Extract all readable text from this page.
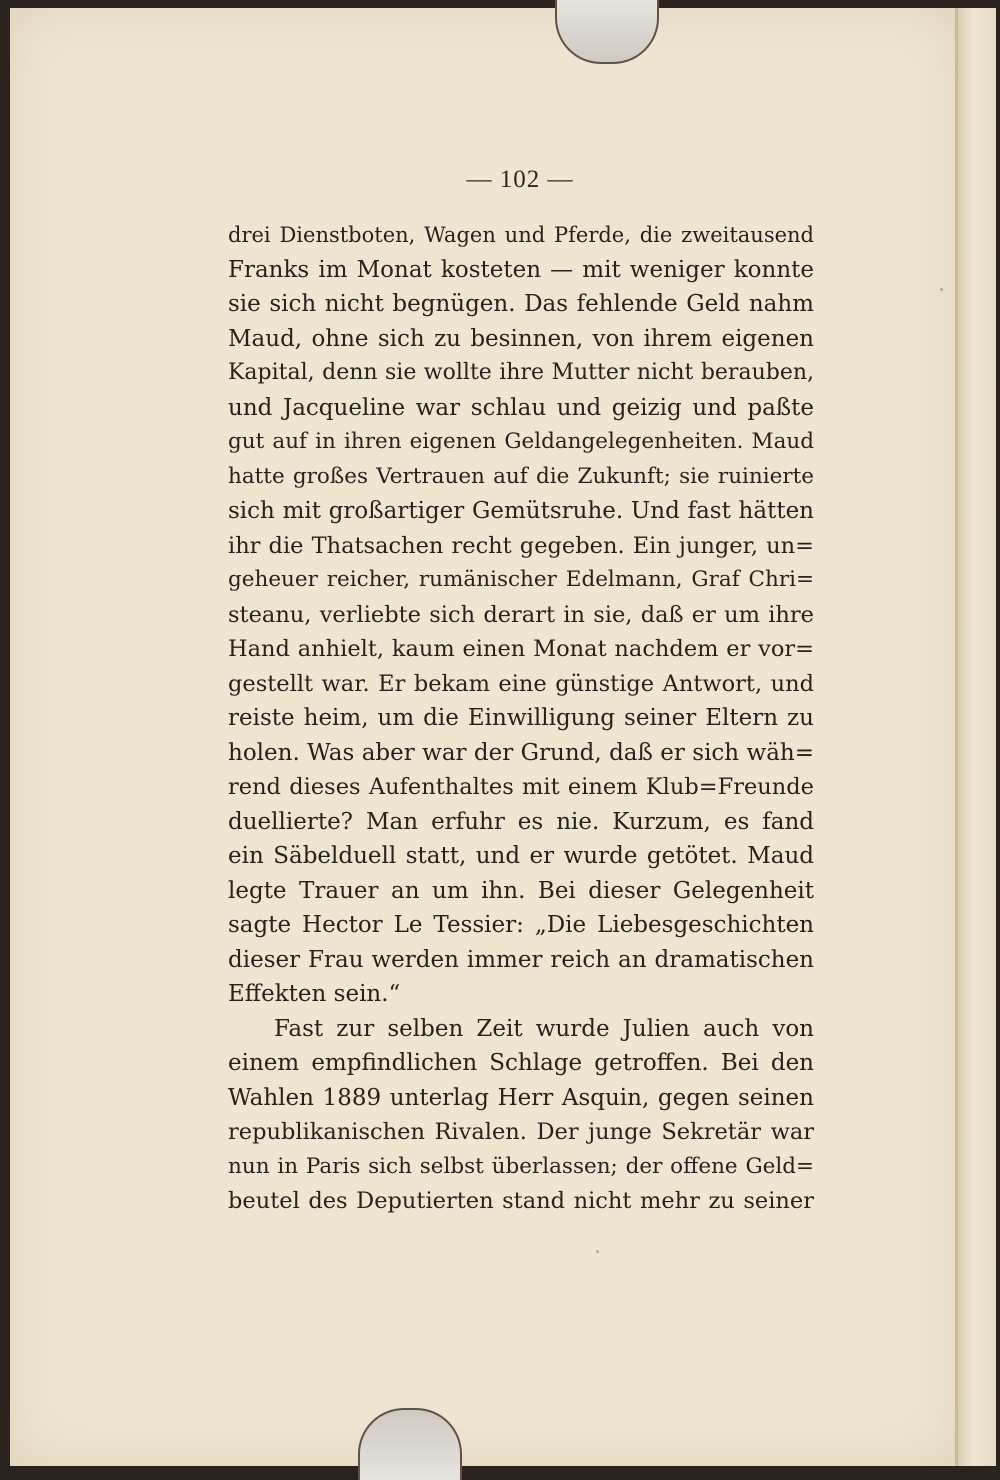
— 102 —
drei Dienstboten, Wagen und Pferde, die zweitausend
Franks im Monat kosteten — mit weniger konnte
sie sich nicht begnügen. Das fehlende Geld nahm
Maud, ohne sich zu besinnen, von ihrem eigenen
Kapital, denn sie wollte ihre Mutter nicht berauben,
und Jacqueline war schlau und geizig und paßte
gut auf in ihren eigenen Geldangelegenheiten. Maud
hatte großes Vertrauen auf die Zukunft; sie ruinierte
sich mit großartiger Gemütsruhe. Und fast hätten
ihr die Thatsachen recht gegeben. Ein junger, un=
geheuer reicher, rumänischer Edelmann, Graf Chri=
steanu, verliebte sich derart in sie, daß er um ihre
Hand anhielt, kaum einen Monat nachdem er vor=
gestellt war. Er bekam eine günstige Antwort, und
reiste heim, um die Einwilligung seiner Eltern zu
holen. Was aber war der Grund, daß er sich wäh=
rend dieses Aufenthaltes mit einem Klub=Freunde
duellierte? Man erfuhr es nie. Kurzum, es fand
ein Säbelduell statt, und er wurde getötet. Maud
legte Trauer an um ihn. Bei dieser Gelegenheit
sagte Hector Le Tessier: „Die Liebesgeschichten
dieser Frau werden immer reich an dramatischen
Effekten sein.“
Fast zur selben Zeit wurde Julien auch von
einem empfindlichen Schlage getroffen. Bei den
Wahlen 1889 unterlag Herr Asquin, gegen seinen
republikanischen Rivalen. Der junge Sekretär war
nun in Paris sich selbst überlassen; der offene Geld=
beutel des Deputierten stand nicht mehr zu seiner
